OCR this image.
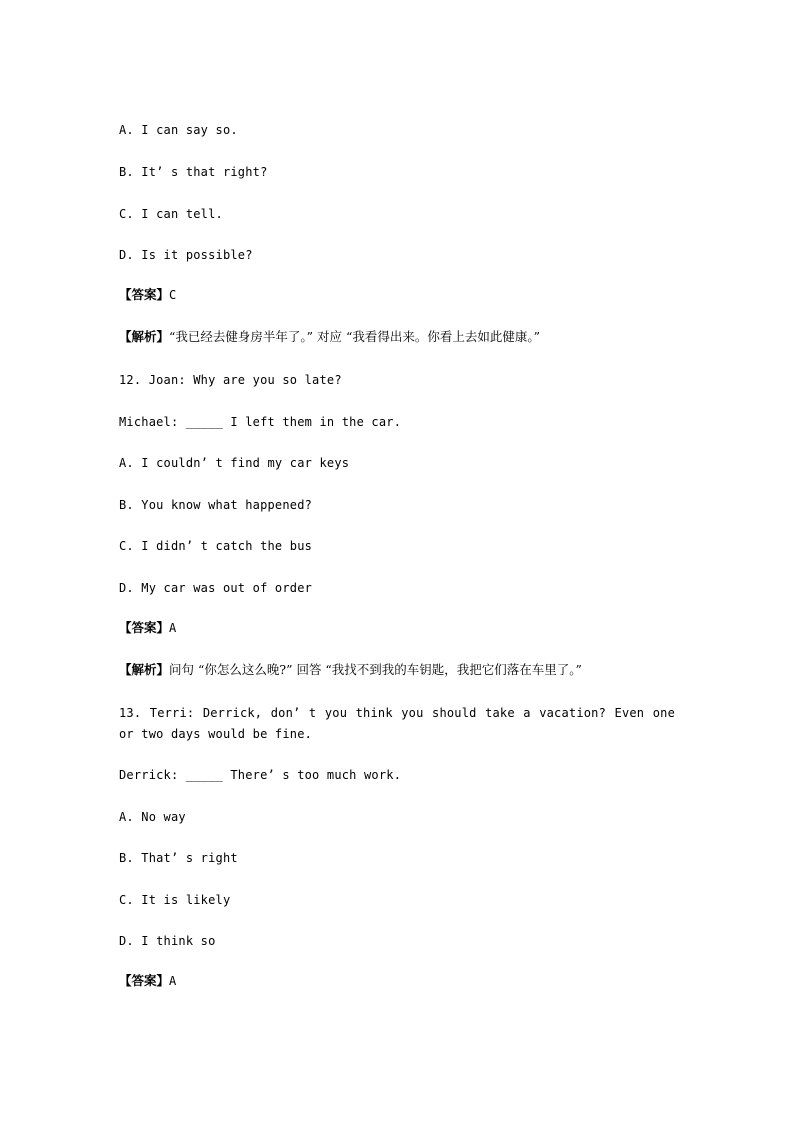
A. I can say so.
B. It’ s that right?
C. I can tell.
D. Is it possible?
【答案】C
【解析】“我已经去健身房半年了。” 对应 “我看得出来。你看上去如此健康。”
12. Joan: Why are you so late?
Michael: _____ I left them in the car.
A. I couldn’ t find my car keys
B. You know what happened?
C. I didn’ t catch the bus
D. My car was out of order
【答案】A
【解析】问句 “你怎么这么晚?” 回答 “我找不到我的车钥匙，我把它们落在车里了。”
13. Terri: Derrick, don’ t you think you should take a vacation? Even one or two days would be fine.
Derrick: _____ There’ s too much work.
A. No way
B. That’ s right
C. It is likely
D. I think so
【答案】A
